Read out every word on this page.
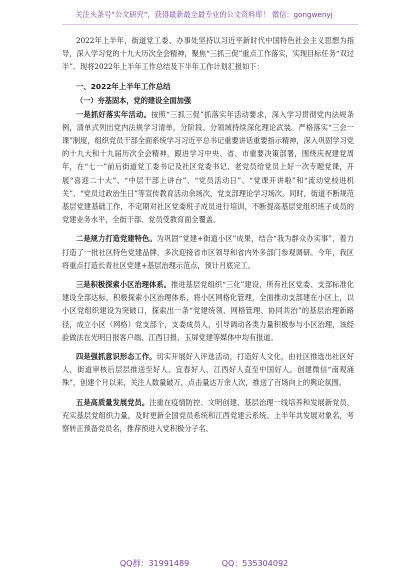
关注头条号“公文研究”，获得最新最全最专业的公文资料库！ 微信：gongwenyj

2022年上半年，街道党工委、办事处坚持以习近平新时代中国特色社会主义思想为指导，深入学习党的十九大历次全会精神，聚焦“三抓三促”重点工作落实，实现目标任务“双过半”。现将2022年上半年工作总结及下半年工作计划汇报如下：

一、2022年上半年工作总结
（一）夯基固本，党的建设全面加强

一是抓好落实年活动。按照“三抓三促”抓落实年活动要求，深入学习贯彻党内法规条例，清单式列出党内法规学习清单，分阶段、分领域持续深化理论武装。严格落实“三会一课”制度，组织党员干部全面系统学习习近平总书记重要讲话重要指示精神，深入巩固学习党的十九大和十九届历次全会精神，跟进学习中央、省、市重要决策部署，围绕庆祝建党周年，在“七一”前后街道党工委书记及社区党委书记、老党员给党员上好一次专题党课，开展“喜迎二十大”、“中层干部上讲台”、“党员活动日”、“党课开讲啦”和“流动党校进机关”、“党员过政治生日”等宣传教育活动余场次，党支部理论学习场次。同时，街道不断规范基层党建基础工作，不定期对社区党委班子成员进行培训，不断提高基层党组织班子成员的党建业务水平，全街干部、党员受教育面全覆盖。

二是规力打造党建特色。为巩固“党建+街道小区”成果，结合“我为群众办实事”，着力打造了一批社区特色党建品牌，多次迎接省市区领导和省内外多部门参观调研。今年，我区将重点打造长青社区党建+基层治理示范点，预计月底完工。

三是积极探索小区治理体系。推进基层党组织“三化”建设，所有社区党委、支部标准化建设全部达标，积极探索小区治理体系，将小区网格化管理，全面推动支部建在小区上，以小区党组织建设为突破口，探索出一条“党建统领、网格管理、协同共治”的基层治理新路径，成立小区（网格）党支部个，支委成员人，引导调动各类力量积极参与小区治理，该经验做法在光明日报客户端、江西日报、玉屏党建等媒体中均有报道。

四是强抓意识形态工作。切实开展好入评选活动，打造好人文化，由社区推选出社区好人，街道审核后层层推送至好人、宜春好人、江西好人直至中国好人。创建微信“南观涌殊”，创建个月以来，关注人数量破万，点击量达万余人次，推送了百场向上的舆论氛围。

五是高质量发展党员。注重在疫情防控、文明创建、基层治理一线培养和发展新党员，充实基层党组织力量，及时更新全国党员系统和江西党建云系统。上半年共发展对象名，考察转正预备党员名，推荐预进入党积极分子名。

QQ群：31991489	QQ：535304092
